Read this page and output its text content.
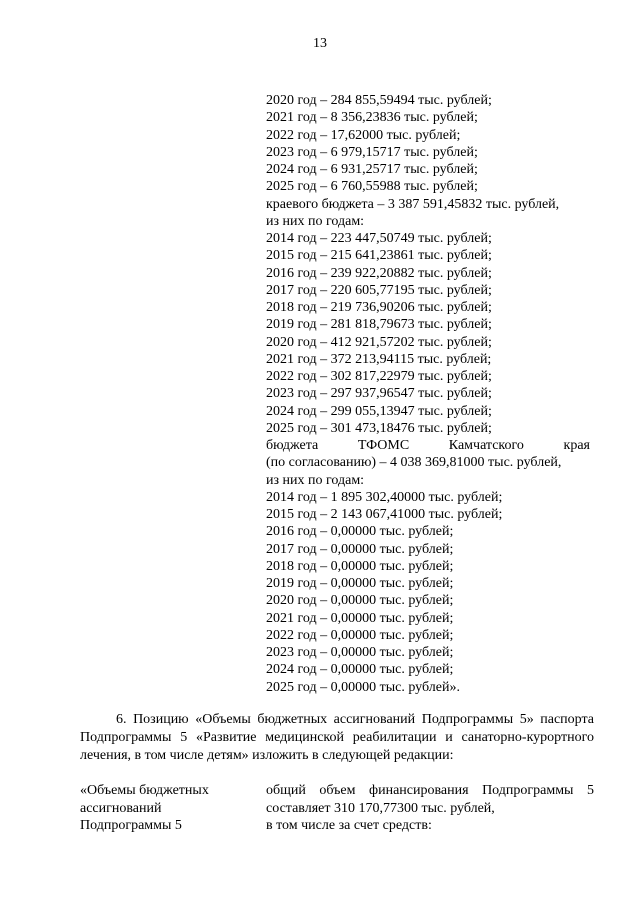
13
2020 год – 284 855,59494 тыс. рублей;
2021 год – 8 356,23836 тыс. рублей;
2022 год – 17,62000 тыс. рублей;
2023 год – 6 979,15717 тыс. рублей;
2024 год – 6 931,25717 тыс. рублей;
2025 год – 6 760,55988 тыс. рублей;
краевого бюджета – 3 387 591,45832 тыс. рублей,
из них по годам:
2014 год – 223 447,50749 тыс. рублей;
2015 год – 215 641,23861 тыс. рублей;
2016 год – 239 922,20882 тыс. рублей;
2017 год – 220 605,77195 тыс. рублей;
2018 год – 219 736,90206 тыс. рублей;
2019 год – 281 818,79673 тыс. рублей;
2020 год – 412 921,57202 тыс. рублей;
2021 год – 372 213,94115 тыс. рублей;
2022 год – 302 817,22979 тыс. рублей;
2023 год – 297 937,96547 тыс. рублей;
2024 год – 299 055,13947 тыс. рублей;
2025 год – 301 473,18476 тыс. рублей;
бюджета ТФОМС Камчатского края
(по согласованию) – 4 038 369,81000 тыс. рублей,
из них по годам:
2014 год – 1 895 302,40000 тыс. рублей;
2015 год – 2 143 067,41000 тыс. рублей;
2016 год – 0,00000 тыс. рублей;
2017 год – 0,00000 тыс. рублей;
2018 год – 0,00000 тыс. рублей;
2019 год – 0,00000 тыс. рублей;
2020 год – 0,00000 тыс. рублей;
2021 год – 0,00000 тыс. рублей;
2022 год – 0,00000 тыс. рублей;
2023 год – 0,00000 тыс. рублей;
2024 год – 0,00000 тыс. рублей;
2025 год – 0,00000 тыс. рублей».

6. Позицию «Объемы бюджетных ассигнований Подпрограммы 5» паспорта Подпрограммы 5 «Развитие медицинской реабилитации и санаторно-курортного лечения, в том числе детям» изложить в следующей редакции:

«Объемы бюджетных
ассигнований
Подпрограммы 5
общий объем финансирования Подпрограммы 5
составляет 310 170,77300 тыс. рублей,
в том числе за счет средств:
